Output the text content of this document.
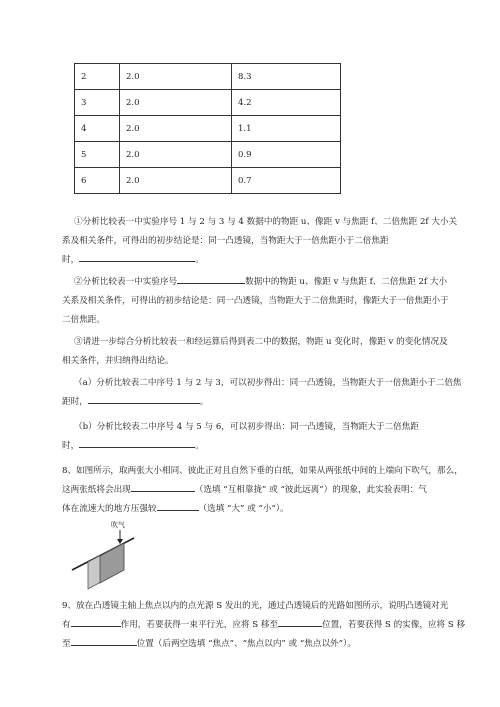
2	2.0	8.3
3	2.0	4.2
4	2.0	1.1
5	2.0	0.9
6	2.0	0.7
①分析比较表一中实验序号 1 与 2 与 3 与 4 数据中的物距 u、像距 v 与焦距 f、二倍焦距 2f 大小关
系及相关条件，可得出的初步结论是：同一凸透镜，当物距大于一倍焦距小于二倍焦距
时，	。
②分析比较表一中实验序号	数据中的物距 u、像距 v 与焦距 f、二倍焦距 2f 大小
关系及相关条件，可得出的初步结论是：同一凸透镜，当物距大于二倍焦距时，像距大于一倍焦距小于
二倍焦距。
③请进一步综合分析比较表一和经运算后得到表二中的数据，物距 u 变化时，像距 v 的变化情况及
相关条件，并归纳得出结论。
（a）分析比较表二中序号 1 与 2 与 3，可以初步得出：同一凸透镜，当物距大于一倍焦距小于二倍焦
距时，	。
（b）分析比较表二中序号 4 与 5 与 6，可以初步得出：同一凸透镜，当物距大于二倍焦距
时，	。
8、如图所示，取两张大小相同、彼此正对且自然下垂的白纸，如果从两张纸中间的上端向下吹气，那么，
这两张纸将会出现	（选填 “互相靠拢” 或 “彼此远离”）的现象，此实验表明：气
体在流速大的地方压强较	（选填 “大” 或 “小”）。
吹气
9、放在凸透镜主轴上焦点以内的点光源 S 发出的光，通过凸透镜后的光路如图所示，说明凸透镜对光
有	作用，若要获得一束平行光，应将 S 移至	位置，若要获得 S 的实像，应将 S 移
至	位置（后两空选填 “焦点”、“焦点以内” 或 “焦点以外”）。
